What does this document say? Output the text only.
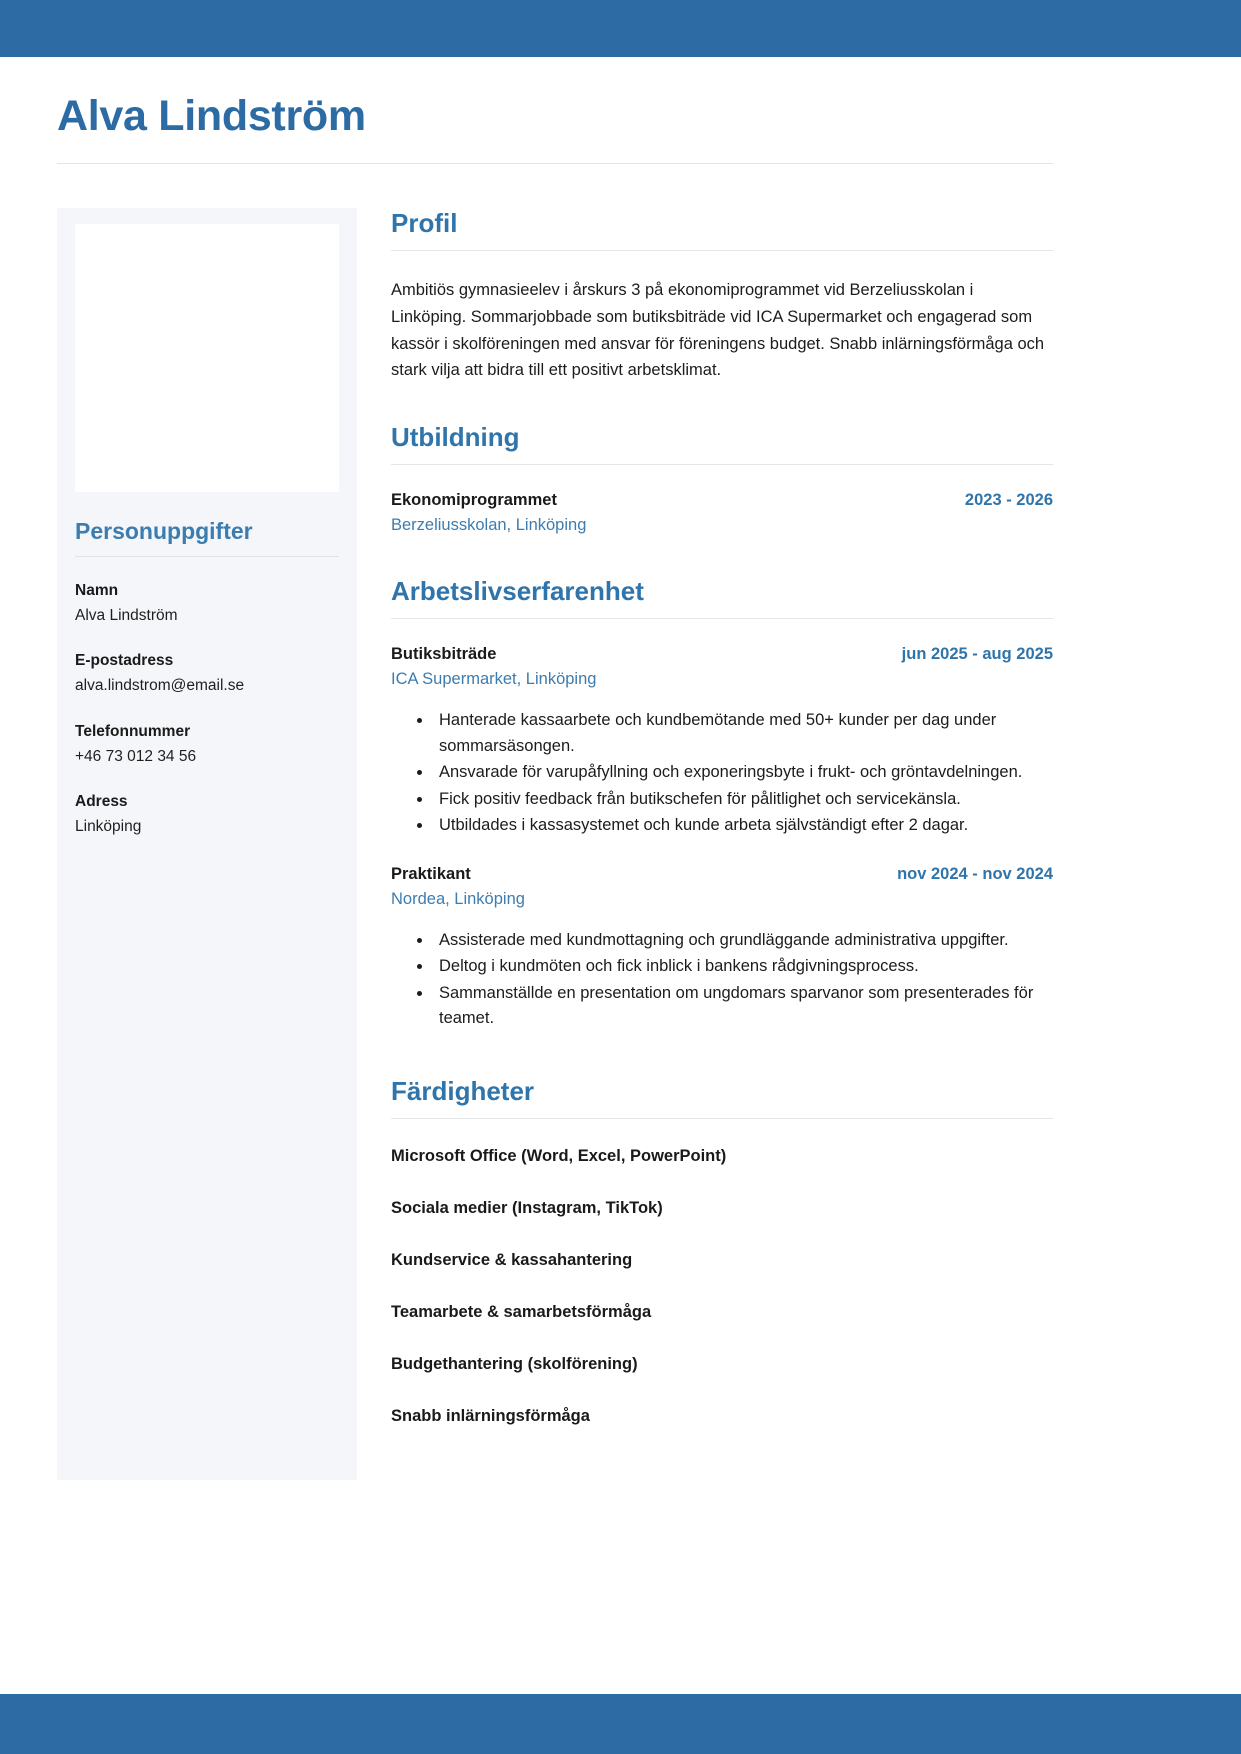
Alva Lindström
Personuppgifter
Namn
Alva Lindström
E-postadress
alva.lindstrom@email.se
Telefonnummer
+46 73 012 34 56
Adress
Linköping
Profil

Ambitiös gymnasieelev i årskurs 3 på ekonomiprogrammet vid Berzeliusskolan i Linköping. Sommarjobbade som butiksbiträde vid ICA Supermarket och engagerad som kassör i skolföreningen med ansvar för föreningens budget. Snabb inlärningsförmåga och stark vilja att bidra till ett positivt arbetsklimat.

Utbildning
Ekonomiprogrammet	2023 - 2026
Berzeliusskolan, Linköping
Arbetslivserfarenhet
Butiksbiträde	jun 2025 - aug 2025
ICA Supermarket, Linköping
• Hanterade kassaarbete och kundbemötande med 50+ kunder per dag under sommarsäsongen.
• Ansvarade för varupåfyllning och exponeringsbyte i frukt- och gröntavdelningen.
• Fick positiv feedback från butikschefen för pålitlighet och servicekänsla.
• Utbildades i kassasystemet och kunde arbeta självständigt efter 2 dagar.
Praktikant	nov 2024 - nov 2024
Nordea, Linköping
• Assisterade med kundmottagning och grundläggande administrativa uppgifter.
• Deltog i kundmöten och fick inblick i bankens rådgivningsprocess.
• Sammanställde en presentation om ungdomars sparvanor som presenterades för teamet.
Färdigheter
Microsoft Office (Word, Excel, PowerPoint)
Sociala medier (Instagram, TikTok)
Kundservice & kassahantering
Teamarbete & samarbetsförmåga
Budgethantering (skolförening)
Snabb inlärningsförmåga
